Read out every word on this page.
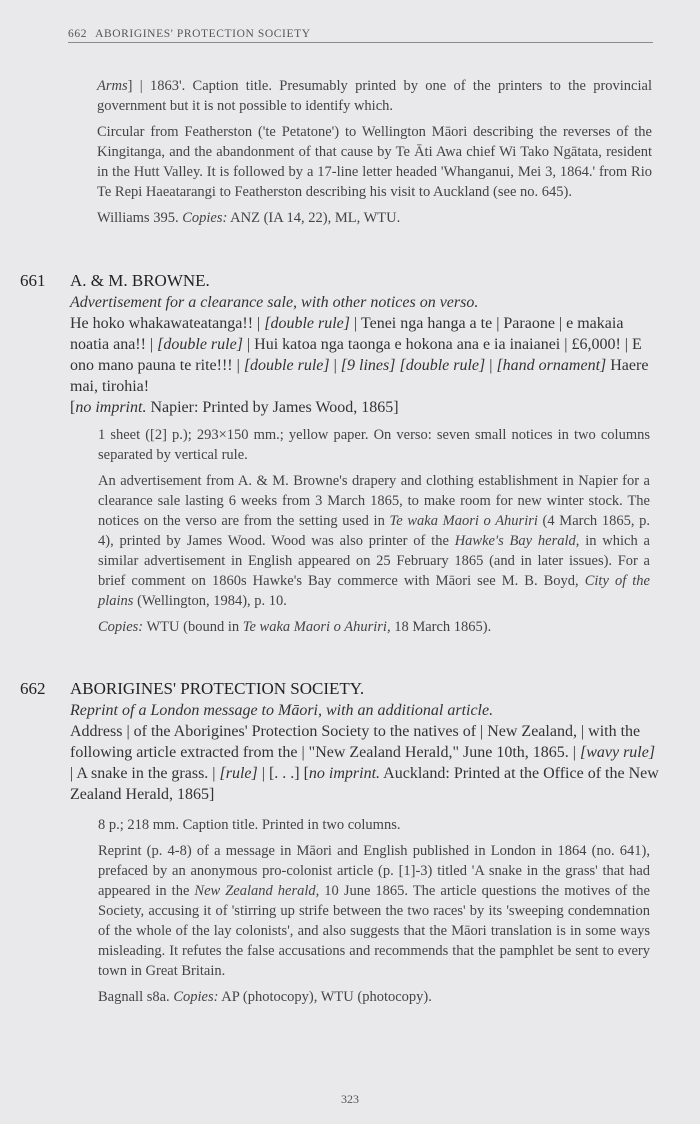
662 ABORIGINES' PROTECTION SOCIETY

Arms] | 1863'. Caption title. Presumably printed by one of the printers to the provincial government but it is not possible to identify which.

Circular from Featherston ('te Petatone') to Wellington Māori describing the reverses of the Kingitanga, and the abandonment of that cause by Te Āti Awa chief Wi Tako Ngātata, resident in the Hutt Valley. It is followed by a 17-line letter headed 'Whanganui, Mei 3, 1864.' from Rio Te Repi Haeatarangi to Featherston describing his visit to Auckland (see no. 645).

Williams 395. Copies: ANZ (IA 14, 22), ML, WTU.

661 A. & M. BROWNE.
Advertisement for a clearance sale, with other notices on verso.
He hoko whakawateatanga!! | [double rule] | Tenei nga hanga a te | Paraone | e makaia noatia ana!! | [double rule] | Hui katoa nga taonga e hokona ana e ia inaianei | £6,000! | E ono mano pauna te rite!!! | [double rule] | [9 lines] [double rule] | [hand ornament] Haere mai, tirohia!
[no imprint. Napier: Printed by James Wood, 1865]

1 sheet ([2] p.); 293×150 mm.; yellow paper. On verso: seven small notices in two columns separated by vertical rule.

An advertisement from A. & M. Browne's drapery and clothing establishment in Napier for a clearance sale lasting 6 weeks from 3 March 1865, to make room for new winter stock. The notices on the verso are from the setting used in Te waka Maori o Ahuriri (4 March 1865, p. 4), printed by James Wood. Wood was also printer of the Hawke's Bay herald, in which a similar advertisement in English appeared on 25 February 1865 (and in later issues). For a brief comment on 1860s Hawke's Bay commerce with Māori see M. B. Boyd, City of the plains (Wellington, 1984), p. 10.

Copies: WTU (bound in Te waka Maori o Ahuriri, 18 March 1865).

662 ABORIGINES' PROTECTION SOCIETY.
Reprint of a London message to Māori, with an additional article.
Address | of the Aborigines' Protection Society to the natives of | New Zealand, | with the following article extracted from the | "New Zealand Herald," June 10th, 1865. | [wavy rule] | A snake in the grass. | [rule] | [. . .] [no imprint. Auckland: Printed at the Office of the New Zealand Herald, 1865]

8 p.; 218 mm. Caption title. Printed in two columns.

Reprint (p. 4-8) of a message in Māori and English published in London in 1864 (no. 641), prefaced by an anonymous pro-colonist article (p. [1]-3) titled 'A snake in the grass' that had appeared in the New Zealand herald, 10 June 1865. The article questions the motives of the Society, accusing it of 'stirring up strife between the two races' by its 'sweeping condemnation of the whole of the lay colonists', and also suggests that the Māori translation is in some ways misleading. It refutes the false accusations and recommends that the pamphlet be sent to every town in Great Britain.

Bagnall s8a. Copies: AP (photocopy), WTU (photocopy).

323
